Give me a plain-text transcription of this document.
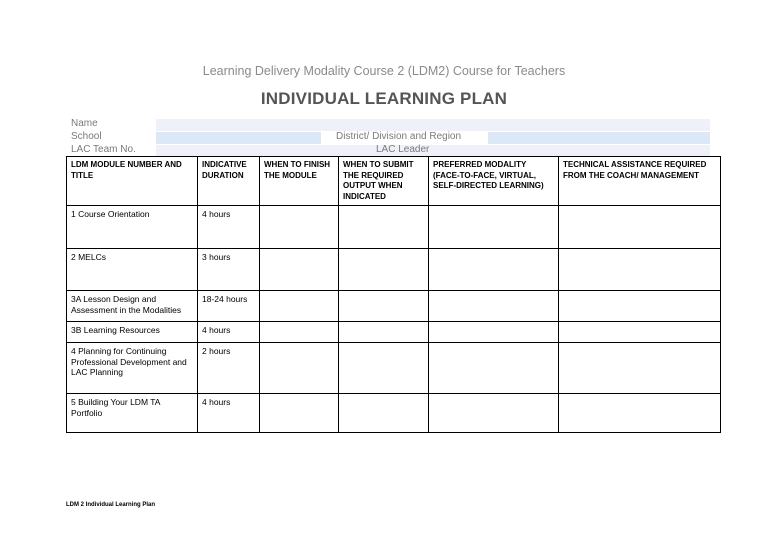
Learning Delivery Modality Course 2 (LDM2) Course for Teachers
INDIVIDUAL LEARNING PLAN
Name
School
LAC Team No.
District/ Division and Region
LAC Leader
LDM MODULE NUMBER AND TITLE	INDICATIVE DURATION	WHEN TO FINISH THE MODULE	WHEN TO SUBMIT THE REQUIRED OUTPUT WHEN INDICATED	PREFERRED MODALITY (FACE-TO-FACE, VIRTUAL, SELF-DIRECTED LEARNING)	TECHNICAL ASSISTANCE REQUIRED FROM THE COACH/ MANAGEMENT
1 Course Orientation	4 hours				
2 MELCs	3 hours				
3A Lesson Design and Assessment in the Modalities	18-24 hours				
3B Learning Resources	4 hours				
4 Planning for Continuing Professional Development and LAC Planning	2 hours				
5 Building Your LDM TA Portfolio	4 hours				
LDM 2 Individual Learning Plan
